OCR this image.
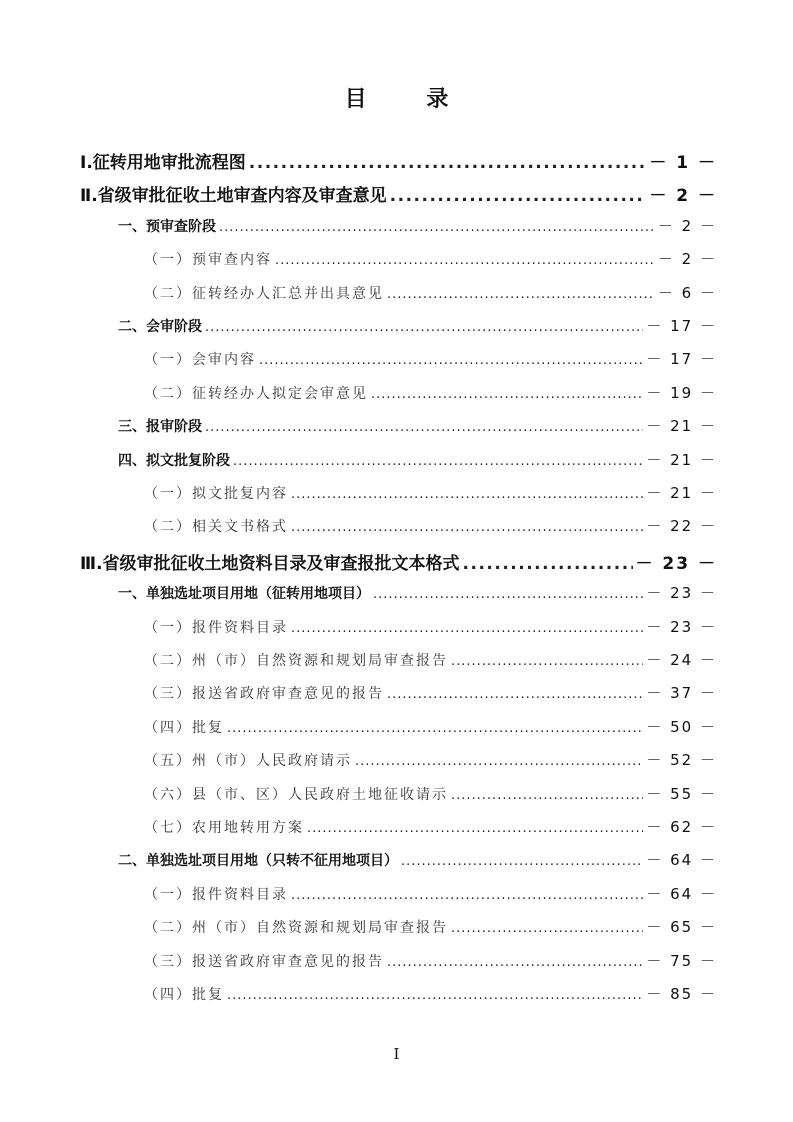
目 录
Ⅰ.征转用地审批流程图 .....	－ 1 －
Ⅱ.省级审批征收土地审查内容及审查意见 .....	－ 2 －
一、预审查阶段 .....	－ 2 －
（一）预审查内容 .....	－ 2 －
（二）征转经办人汇总并出具意见 .....	－ 6 －
二、会审阶段 .....	－ 17 －
（一）会审内容 .....	－ 17 －
（二）征转经办人拟定会审意见 .....	－ 19 －
三、报审阶段 .....	－ 21 －
四、拟文批复阶段 .....	－ 21 －
（一）拟文批复内容 .....	－ 21 －
（二）相关文书格式 .....	－ 22 －
Ⅲ.省级审批征收土地资料目录及审查报批文本格式 .....	－ 23 －
一、单独选址项目用地（征转用地项目） .....	－ 23 －
（一）报件资料目录 .....	－ 23 －
（二）州（市）自然资源和规划局审查报告 .....	－ 24 －
（三）报送省政府审查意见的报告 .....	－ 37 －
（四）批复 .....	－ 50 －
（五）州（市）人民政府请示 .....	－ 52 －
（六）县（市、区）人民政府土地征收请示 .....	－ 55 －
（七）农用地转用方案 .....	－ 62 －
二、单独选址项目用地（只转不征用地项目） .....	－ 64 －
（一）报件资料目录 .....	－ 64 －
（二）州（市）自然资源和规划局审查报告 .....	－ 65 －
（三）报送省政府审查意见的报告 .....	－ 75 －
（四）批复 .....	－ 85 －
I
